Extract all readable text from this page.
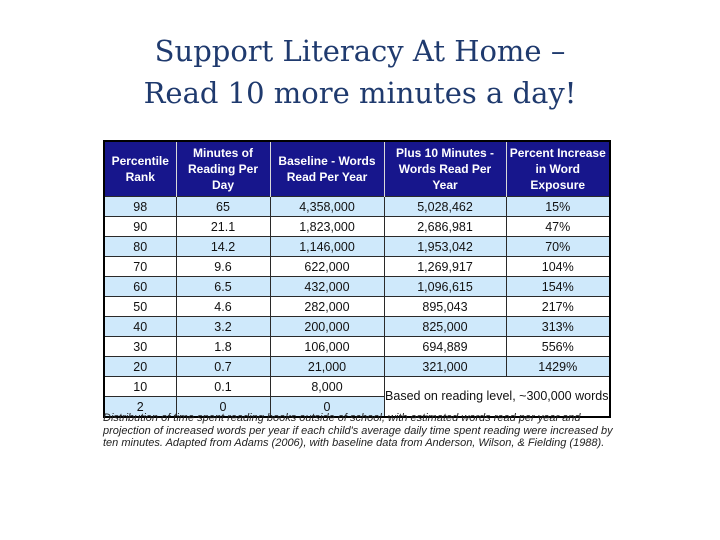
Support Literacy At Home –
Read 10 more minutes a day!
Percentile Rank	Minutes of Reading Per Day	Baseline - Words Read Per Year	Plus 10 Minutes - Words Read Per Year	Percent Increase in Word Exposure
98	65	4,358,000	5,028,462	15%
90	21.1	1,823,000	2,686,981	47%
80	14.2	1,146,000	1,953,042	70%
70	9.6	622,000	1,269,917	104%
60	6.5	432,000	1,096,615	154%
50	4.6	282,000	895,043	217%
40	3.2	200,000	825,000	313%
30	1.8	106,000	694,889	556%
20	0.7	21,000	321,000	1429%
10	0.1	8,000	Based on reading level, ~300,000 words	
2	0	0		
Distribution of time spent reading books outside of school, with estimated words read per year and projection of increased words per year if each child's average daily time spent reading were increased by ten minutes. Adapted from Adams (2006), with baseline data from Anderson, Wilson, & Fielding (1988).
